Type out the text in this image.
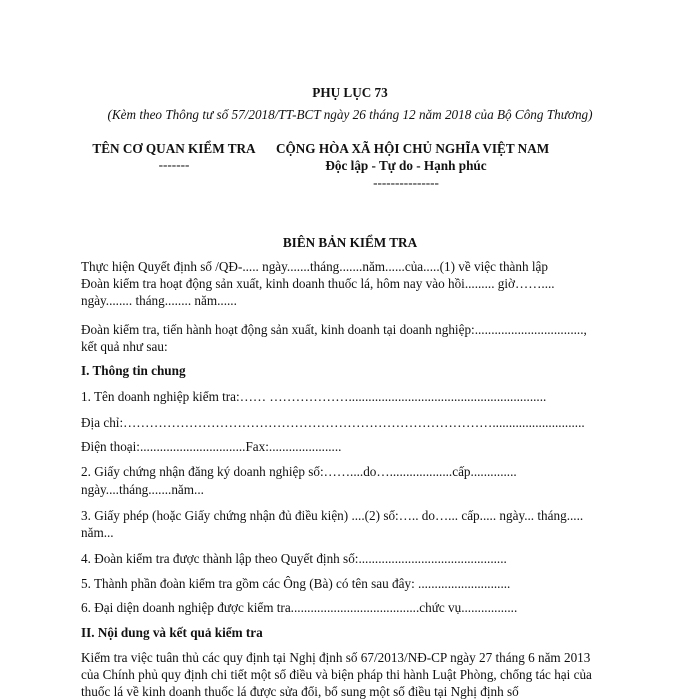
PHỤ LỤC 73
(Kèm theo Thông tư số 57/2018/TT-BCT ngày 26 tháng 12 năm 2018 của Bộ Công Thương)
TÊN CƠ QUAN KIỂM TRA
-------
CỘNG HÒA XÃ HỘI CHỦ NGHĨA VIỆT NAM
Độc lập - Tự do - Hạnh phúc
---------------
BIÊN BẢN KIỂM TRA
Thực hiện Quyết định số /QĐ-..... ngày.......tháng.......năm......của.....(1) về việc thành lập
Đoàn kiểm tra hoạt động sản xuất, kinh doanh thuốc lá, hôm nay vào hồi......... giờ……....
ngày........ tháng........ năm......
Đoàn kiểm tra, tiến hành hoạt động sản xuất, kinh doanh tại doanh nghiệp:.................................,
kết quả như sau:
I. Thông tin chung
1. Tên doanh nghiệp kiểm tra:…… ………………............................................................
Địa chỉ:…………………………………………………………………………............................
Điện thoại:................................Fax:......................
2. Giấy chứng nhận đăng ký doanh nghiệp số:……....do…...................cấp..............
ngày....tháng.......năm...
3. Giấy phép (hoặc Giấy chứng nhận đủ điều kiện) ....(2) số:….. do…... cấp..... ngày... tháng.....
năm...
4. Đoàn kiểm tra được thành lập theo Quyết định số:.............................................
5. Thành phần đoàn kiểm tra gồm các Ông (Bà) có tên sau đây: ............................
6. Đại diện doanh nghiệp được kiểm tra.......................................chức vụ.................
II. Nội dung và kết quả kiểm tra
Kiểm tra việc tuân thủ các quy định tại Nghị định số 67/2013/NĐ-CP ngày 27 tháng 6 năm 2013
của Chính phủ quy định chi tiết một số điều và biện pháp thi hành Luật Phòng, chống tác hại của
thuốc lá về kinh doanh thuốc lá được sửa đổi, bổ sung một số điều tại Nghị định số
